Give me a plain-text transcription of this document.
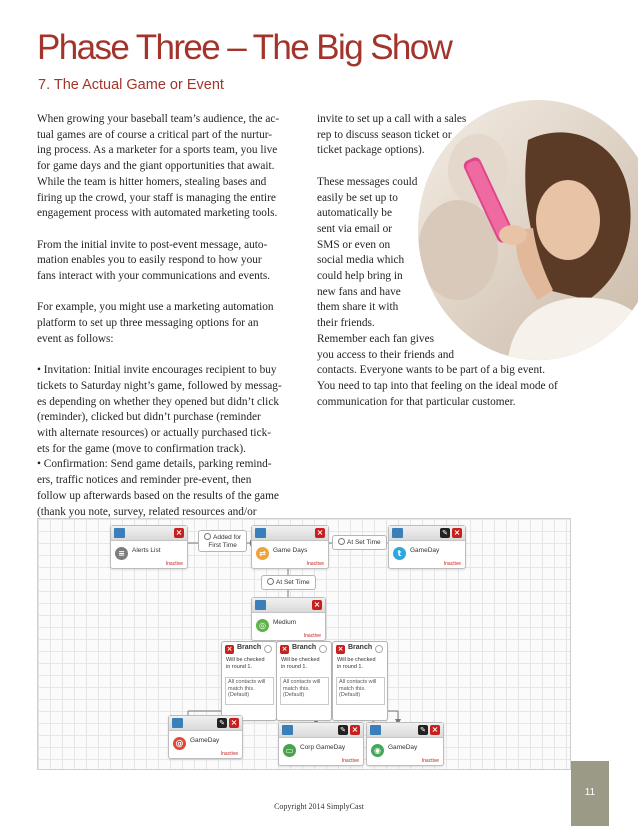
Phase Three – The Big Show
7. The Actual Game or Event

When growing your baseball team’s audience, the ac-
tual games are of course a critical part of the nurtur-
ing process. As a marketer for a sports team, you live
for game days and the giant opportunities that await.
While the team is hitter homers, stealing bases and
firing up the crowd, your staff is managing the entire
engagement process with automated marketing tools.

From the initial invite to post-event message, auto-
mation enables you to easily respond to how your
fans interact with your communications and events.

For example, you might use a marketing automation
platform to set up three messaging options for an
event as follows:

• Invitation: Initial invite encourages recipient to buy
tickets to Saturday night’s game, followed by messag-
es depending on whether they opened but didn’t click
(reminder), clicked but didn’t purchase (reminder
with alternate resources) or actually purchased tick-
ets for the game (move to confirmation track).

• Confirmation: Send game details, parking remind-
ers, traffic notices and reminder pre-event, then
follow up afterwards based on the results of the game
(thank you note, survey, related resources and/or

invite to set up a call with a sales
rep to discuss season ticket or
ticket package options).

These messages could
easily be set up to
automatically be
sent via email or
SMS or even on
social media which
could help bring in
new fans and have
them share it with
their friends.

Remember each fan gives
you access to their friends and
contacts. Everyone wants to be part of a big event.
You need to tap into that feeling on the ideal mode of
communication for that particular customer.

×
≡	Alerts List
Inactive
Added for
First Time
×
⇄	Game Days
Inactive
At Set Time
✎ ×
t	GameDay
Inactive
At Set Time
×
◎	Medium
Inactive
× Branch
Will be checked
in round 1.
All contacts will
match this.
(Default)
× Branch
Will be checked
in round 1.
All contacts will
match this.
(Default)
× Branch
Will be checked
in round 1.
All contacts will
match this.
(Default)
✎ ×
@	GameDay
Inactive
✎ ×
▭	Corp GameDay
Inactive
✎ ×
◉	GameDay
Inactive
11
Copyright 2014 SimplyCast
